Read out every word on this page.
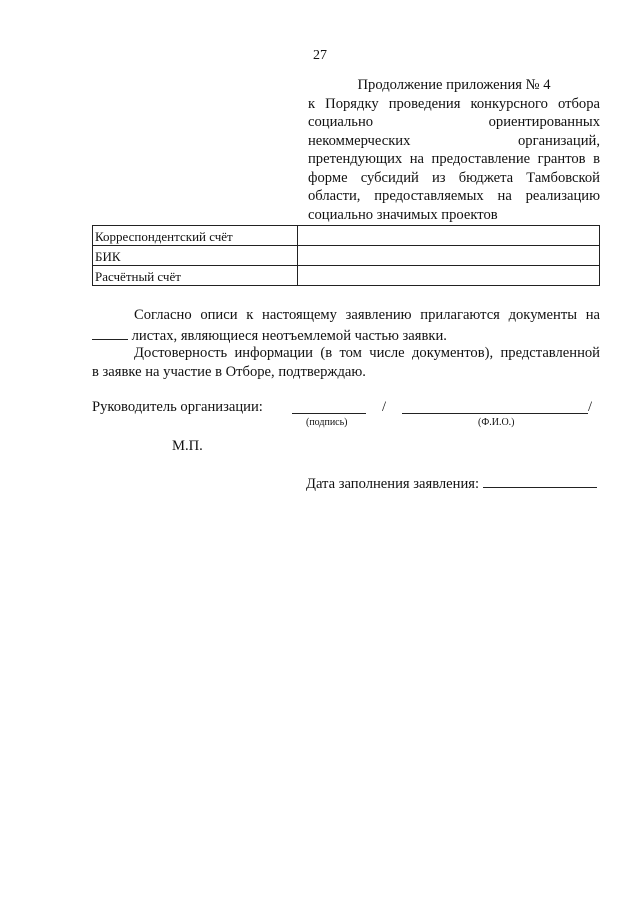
27
Продолжение приложения № 4
к Порядку проведения конкурсного отбора
социально ориентированных
некоммерческих организаций,
претендующих на предоставление грантов в
форме субсидий из бюджета Тамбовской
области, предоставляемых на реализацию
социально значимых проектов
Корреспондентский счёт	
БИК	
Расчётный счёт	
Согласно описи к настоящему заявлению прилагаются документы на
листах, являющиеся неотъемлемой частью заявки.
Достоверность информации (в том числе документов), представленной
в заявке на участие в Отборе, подтверждаю.
Руководитель организации:	/	/
(подпись)	(Ф.И.О.)
М.П.
Дата заполнения заявления:
